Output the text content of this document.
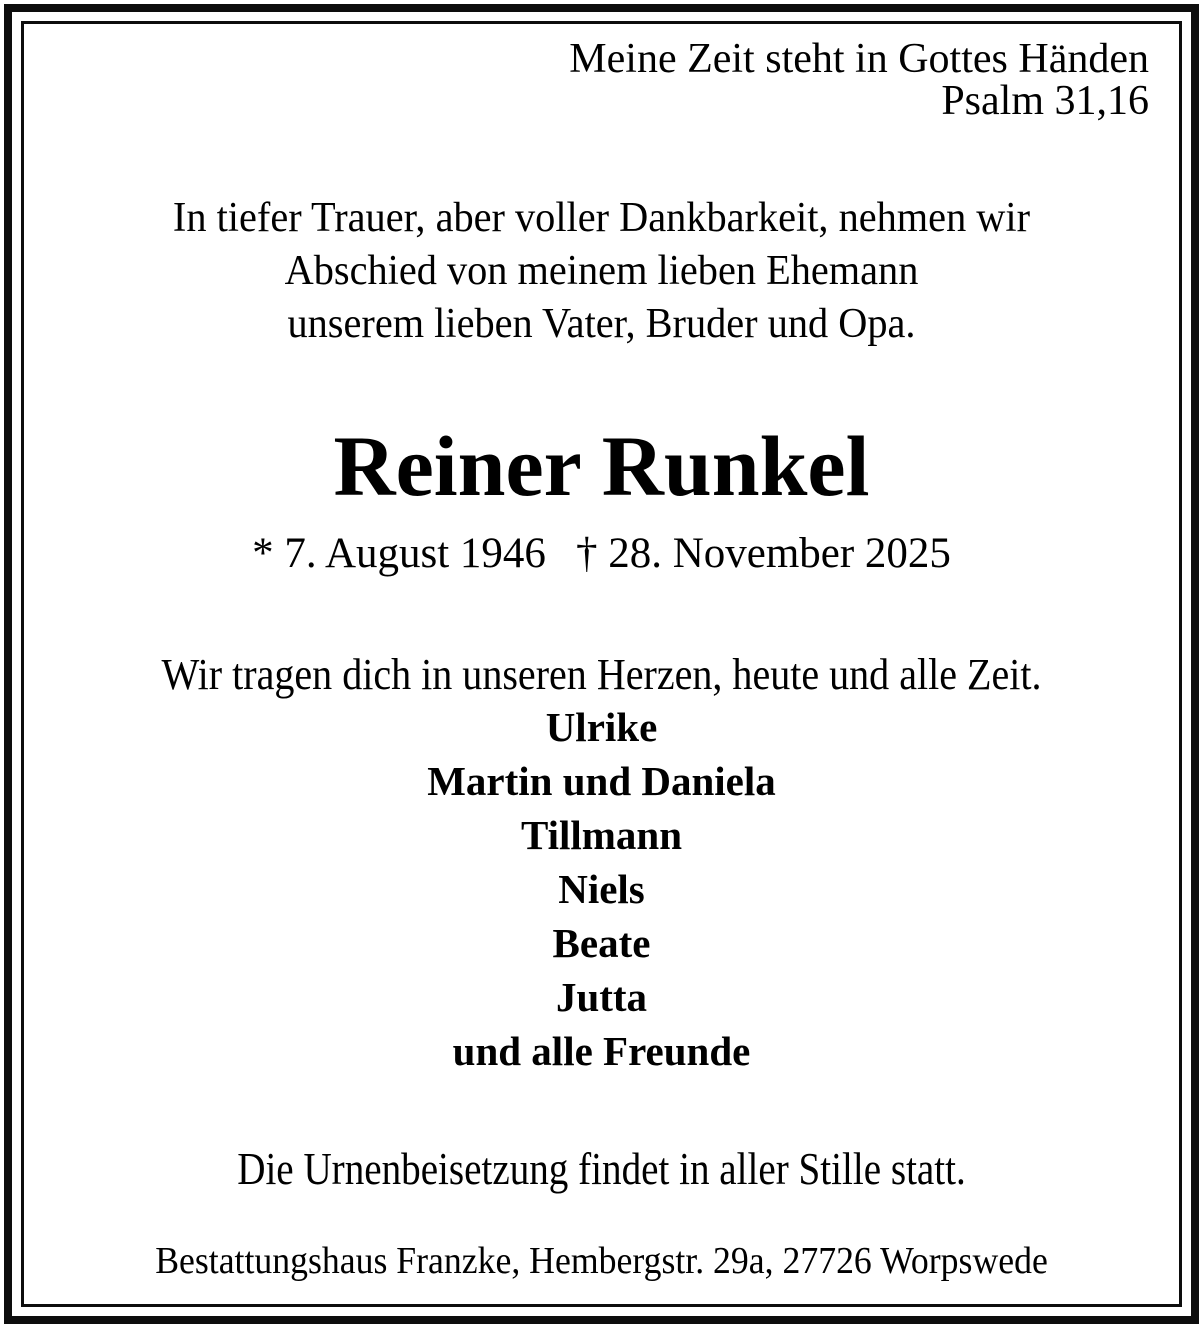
Meine Zeit steht in Gottes Händen
Psalm 31,16
In tiefer Trauer, aber voller Dankbarkeit, nehmen wir
Abschied von meinem lieben Ehemann
unserem lieben Vater, Bruder und Opa.
Reiner Runkel
* 7. August 1946 † 28. November 2025
Wir tragen dich in unseren Herzen, heute und alle Zeit.
Ulrike
Martin und Daniela
Tillmann
Niels
Beate
Jutta
und alle Freunde
Die Urnenbeisetzung findet in aller Stille statt.
Bestattungshaus Franzke, Hembergstr. 29a, 27726 Worpswede
